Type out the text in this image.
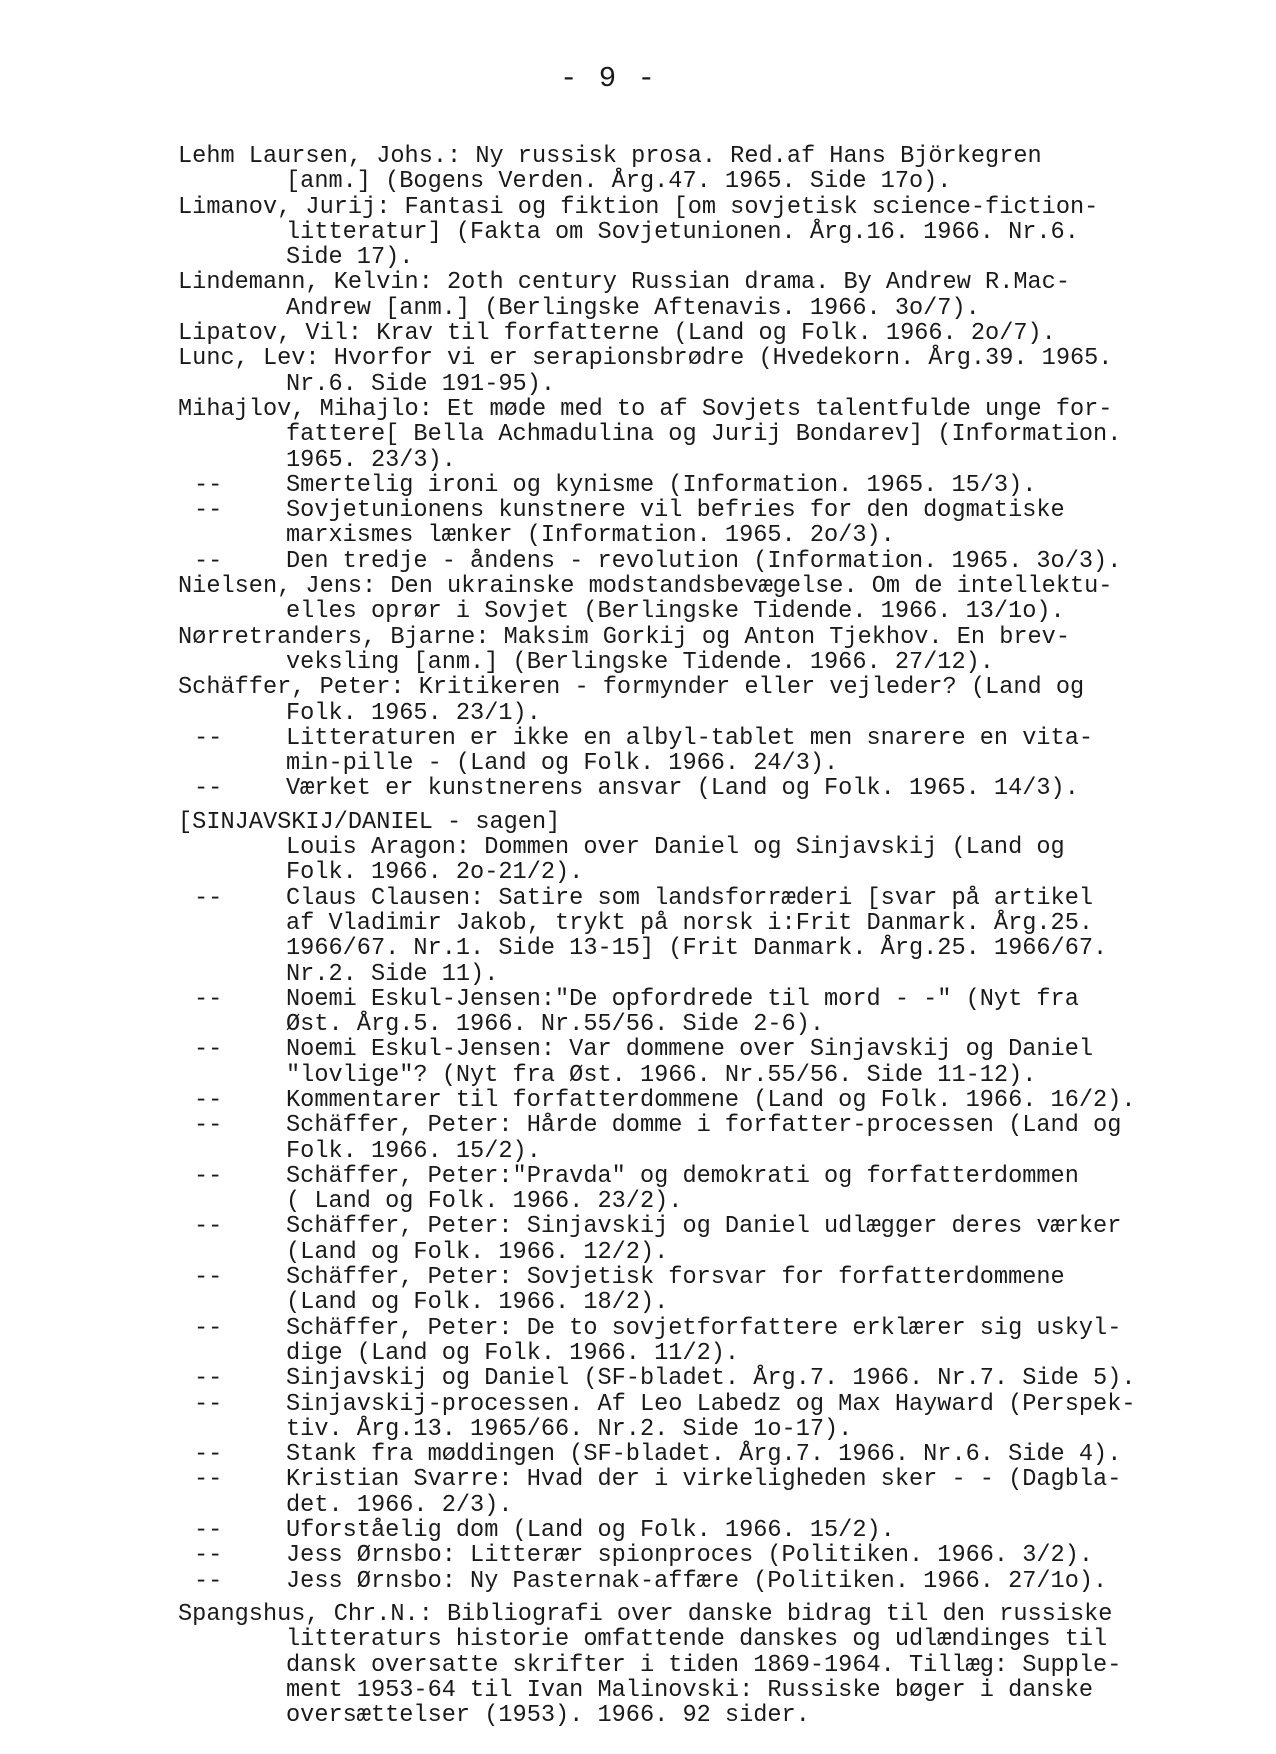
- 9 -
Lehm Laursen, Johs.: Ny russisk prosa. Red.af Hans Björkegren
[anm.] (Bogens Verden. Årg.47. 1965. Side 17o).
Limanov, Jurij: Fantasi og fiktion [om sovjetisk science-fiction-
litteratur] (Fakta om Sovjetunionen. Årg.16. 1966. Nr.6.
Side 17).
Lindemann, Kelvin: 2oth century Russian drama. By Andrew R.Mac-
Andrew [anm.] (Berlingske Aftenavis. 1966. 3o/7).
Lipatov, Vil: Krav til forfatterne (Land og Folk. 1966. 2o/7).
Lunc, Lev: Hvorfor vi er serapionsbrødre (Hvedekorn. Årg.39. 1965.
Nr.6. Side 191-95).
Mihajlov, Mihajlo: Et møde med to af Sovjets talentfulde unge for-
fattere[ Bella Achmadulina og Jurij Bondarev] (Information.
1965. 23/3).
--	Smertelig ironi og kynisme (Information. 1965. 15/3).
--	Sovjetunionens kunstnere vil befries for den dogmatiske
marxismes lænker (Information. 1965. 2o/3).
--	Den tredje - åndens - revolution (Information. 1965. 3o/3).
Nielsen, Jens: Den ukrainske modstandsbevægelse. Om de intellektu-
elles oprør i Sovjet (Berlingske Tidende. 1966. 13/1o).
Nørretranders, Bjarne: Maksim Gorkij og Anton Tjekhov. En brev-
veksling [anm.] (Berlingske Tidende. 1966. 27/12).
Schäffer, Peter: Kritikeren - formynder eller vejleder? (Land og
Folk. 1965. 23/1).
--	Litteraturen er ikke en albyl-tablet men snarere en vita-
min-pille - (Land og Folk. 1966. 24/3).
--	Værket er kunstnerens ansvar (Land og Folk. 1965. 14/3).
[SINJAVSKIJ/DANIEL - sagen]
Louis Aragon: Dommen over Daniel og Sinjavskij (Land og
Folk. 1966. 2o-21/2).
--	Claus Clausen: Satire som landsforræderi [svar på artikel
af Vladimir Jakob, trykt på norsk i:Frit Danmark. Årg.25.
1966/67. Nr.1. Side 13-15] (Frit Danmark. Årg.25. 1966/67.
Nr.2. Side 11).
--	Noemi Eskul-Jensen:"De opfordrede til mord - -" (Nyt fra
Øst. Årg.5. 1966. Nr.55/56. Side 2-6).
--	Noemi Eskul-Jensen: Var dommene over Sinjavskij og Daniel
"lovlige"? (Nyt fra Øst. 1966. Nr.55/56. Side 11-12).
--	Kommentarer til forfatterdommene (Land og Folk. 1966. 16/2).
--	Schäffer, Peter: Hårde domme i forfatter-processen (Land og
Folk. 1966. 15/2).
--	Schäffer, Peter:"Pravda" og demokrati og forfatterdommen
( Land og Folk. 1966. 23/2).
--	Schäffer, Peter: Sinjavskij og Daniel udlægger deres værker
(Land og Folk. 1966. 12/2).
--	Schäffer, Peter: Sovjetisk forsvar for forfatterdommene
(Land og Folk. 1966. 18/2).
--	Schäffer, Peter: De to sovjetforfattere erklærer sig uskyl-
dige (Land og Folk. 1966. 11/2).
--	Sinjavskij og Daniel (SF-bladet. Årg.7. 1966. Nr.7. Side 5).
--	Sinjavskij-processen. Af Leo Labedz og Max Hayward (Perspek-
tiv. Årg.13. 1965/66. Nr.2. Side 1o-17).
--	Stank fra møddingen (SF-bladet. Årg.7. 1966. Nr.6. Side 4).
--	Kristian Svarre: Hvad der i virkeligheden sker - - (Dagbla-
det. 1966. 2/3).
--	Uforståelig dom (Land og Folk. 1966. 15/2).
--	Jess Ørnsbo: Litterær spionproces (Politiken. 1966. 3/2).
--	Jess Ørnsbo: Ny Pasternak-affære (Politiken. 1966. 27/1o).
Spangshus, Chr.N.: Bibliografi over danske bidrag til den russiske
litteraturs historie omfattende danskes og udlændinges til
dansk oversatte skrifter i tiden 1869-1964. Tillæg: Supple-
ment 1953-64 til Ivan Malinovski: Russiske bøger i danske
oversættelser (1953). 1966. 92 sider.
